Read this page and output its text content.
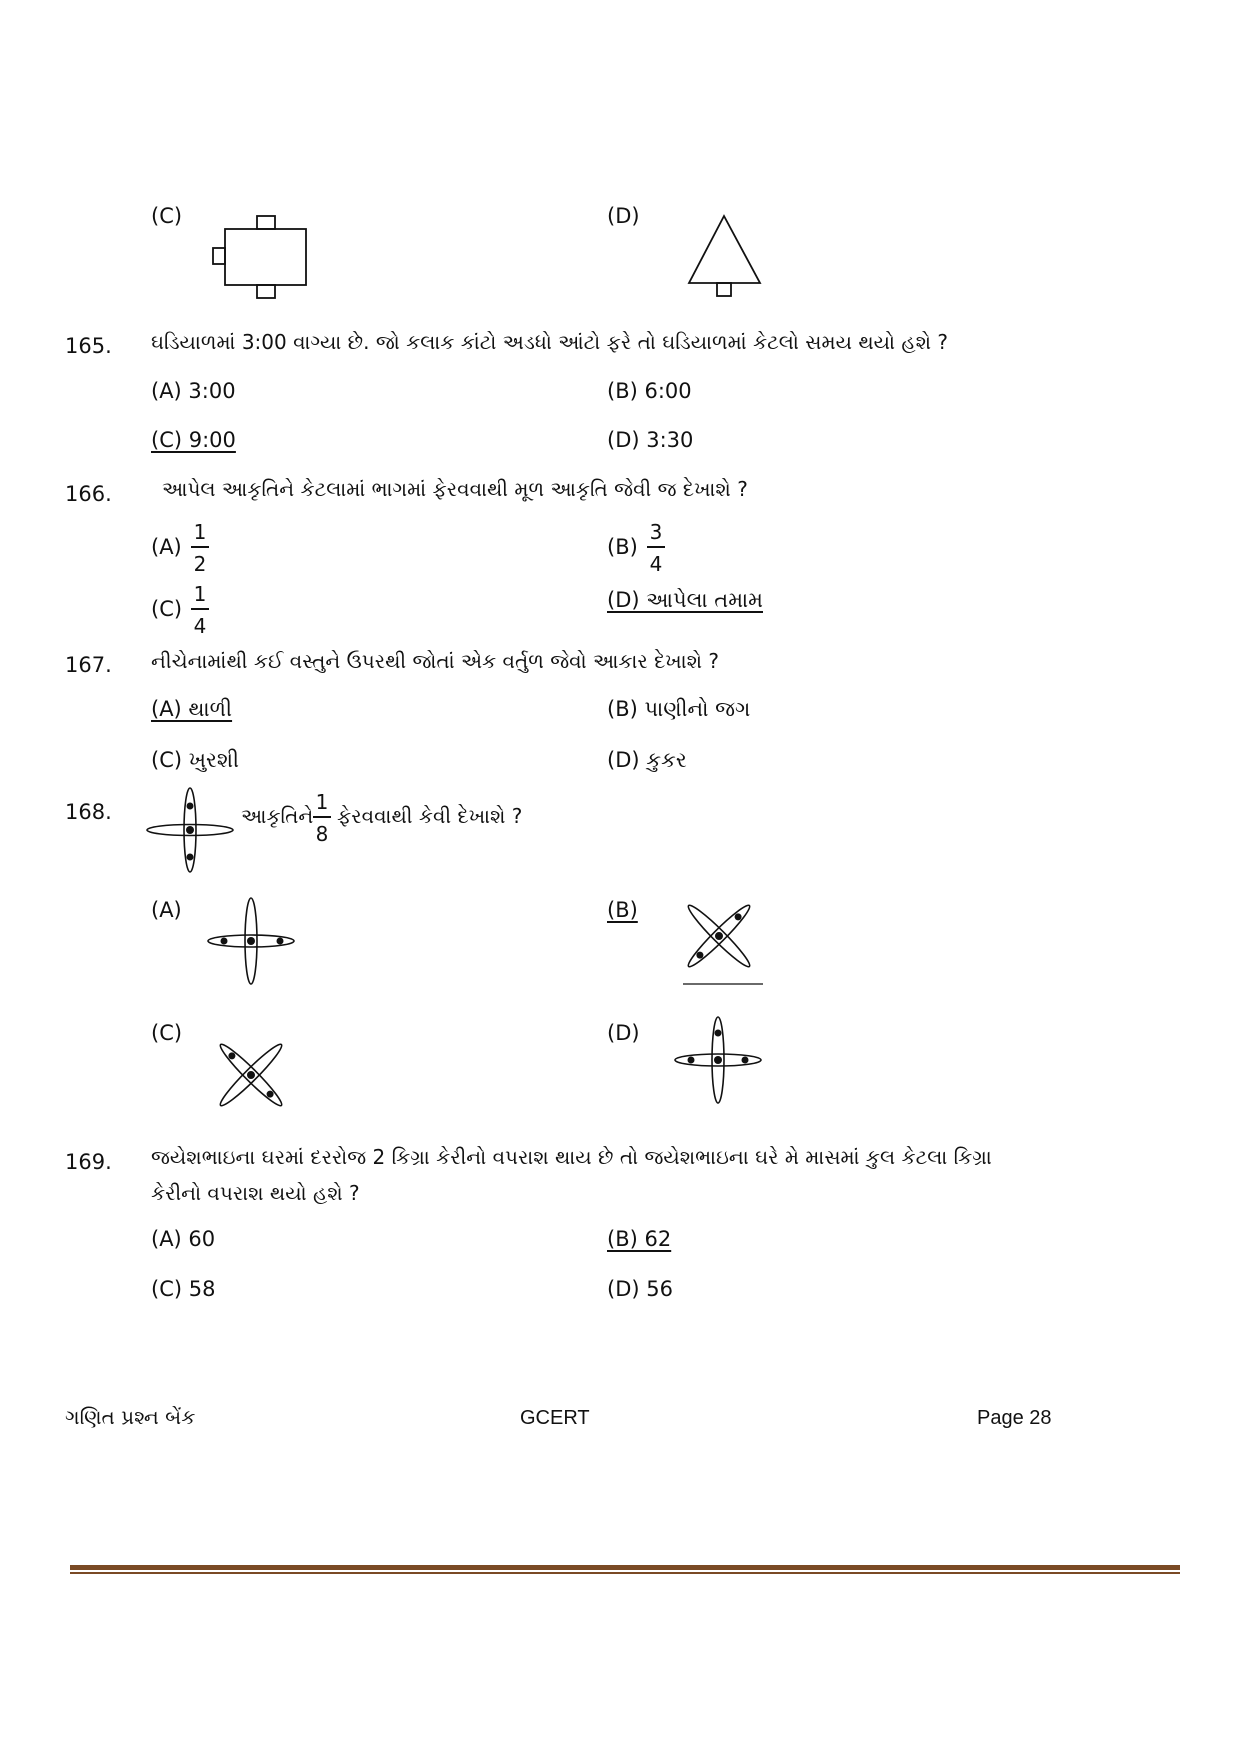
(C)	(D)
165. ઘડિયાળમાં 3:00 વાગ્યા છે. જો કલાક કાંટો અડધો આંટો ફરે તો ઘડિયાળમાં કેટલો સમય થયો હશે ?
(A) 3:00	(B) 6:00
(C) 9:00	(D) 3:30
166.	આપેલ આકૃતિને કેટલામાં ભાગમાં ફેરવવાથી મૂળ આકૃતિ જેવી જ દેખાશે ?
(A)
1
2
(B)
3
4
(C)
1
4
(D) આપેલા તમામ
167. નીચેનામાંથી કઈ વસ્તુને ઉપરથી જોતાં એક વર્તુળ જેવો આકાર દેખાશે ?
(A) થાળી	(B) પાણીનો જગ
(C) ખુરશી	(D) કુકર
168.	આકૃતિને
1
8
ફેરવવાથી કેવી દેખાશે ?
(A)	(B)
(C)	(D)
169. જયેશભાઇના ઘરમાં દરરોજ 2 કિગ્રા કેરીનો વપરાશ થાય છે તો જયેશભાઇના ઘરે મે માસમાં કુલ કેટલા કિગ્રા
કેરીનો વપરાશ થયો હશે ?
(A) 60	(B) 62
(C) 58	(D) 56
ગણિત પ્રશ્ન બેંક	GCERT	Page 28
